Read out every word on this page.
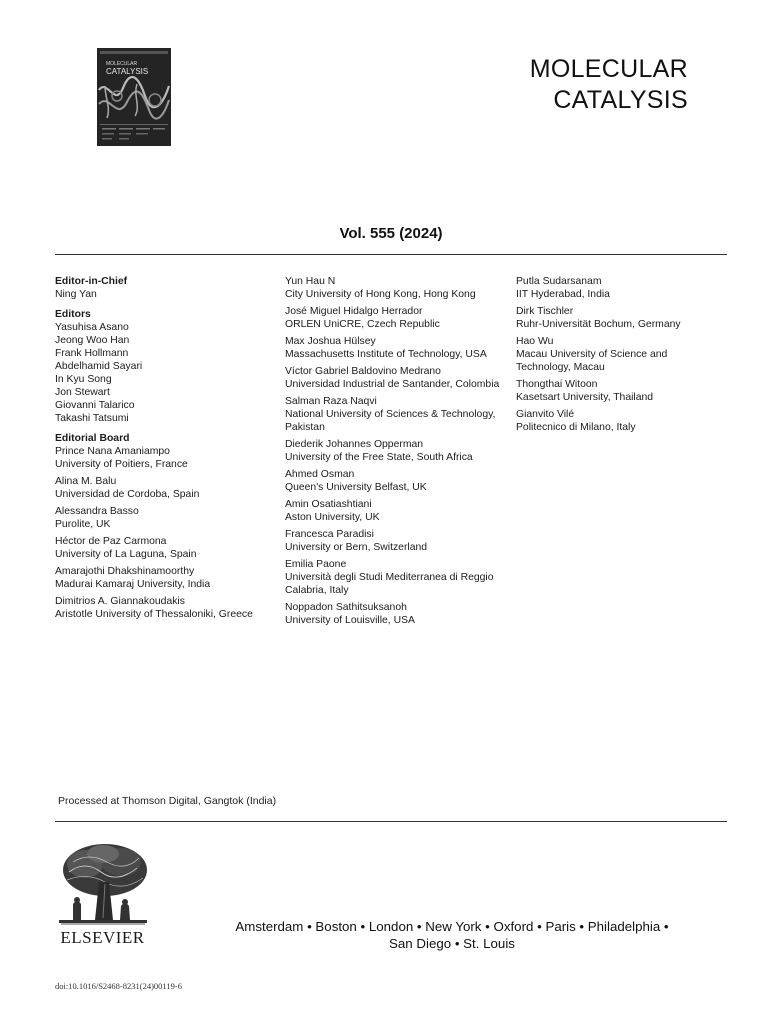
MOLECULAR
CATALYSIS	MOLECULAR
CATALYSIS
Vol. 555 (2024)
Editor-in-Chief
Ning Yan
Editors
Yasuhisa Asano
Jeong Woo Han
Frank Hollmann
Abdelhamid Sayari
In Kyu Song
Jon Stewart
Giovanni Talarico
Takashi Tatsumi
Editorial Board
Prince Nana Amaniampo
University of Poitiers, France
Alina M. Balu
Universidad de Cordoba, Spain
Alessandra Basso
Purolite, UK
Héctor de Paz Carmona
University of La Laguna, Spain
Amarajothi Dhakshinamoorthy
Madurai Kamaraj University, India
Dimitrios A. Giannakoudakis
Aristotle University of Thessaloniki, Greece
Yun Hau N
City University of Hong Kong, Hong Kong
José Miguel Hidalgo Herrador
ORLEN UniCRE, Czech Republic
Max Joshua Hülsey
Massachusetts Institute of Technology, USA
Víctor Gabriel Baldovino Medrano
Universidad Industrial de Santander, Colombia
Salman Raza Naqvi
National University of Sciences & Technology, Pakistan
Diederik Johannes Opperman
University of the Free State, South Africa
Ahmed Osman
Queen's University Belfast, UK
Amin Osatiashtiani
Aston University, UK
Francesca Paradisi
University or Bern, Switzerland
Emilia Paone
Università degli Studi Mediterranea di Reggio Calabria, Italy
Noppadon Sathitsuksanoh
University of Louisville, USA
Putla Sudarsanam
IIT Hyderabad, India
Dirk Tischler
Ruhr-Universität Bochum, Germany
Hao Wu
Macau University of Science and Technology, Macau
Thongthai Witoon
Kasetsart University, Thailand
Gianvito Vilé
Politecnico di Milano, Italy
Processed at Thomson Digital, Gangtok (India)
ELSEVIER
Amsterdam • Boston • London • New York • Oxford • Paris • Philadelphia •
San Diego • St. Louis
doi:10.1016/S2468-8231(24)00119-6
